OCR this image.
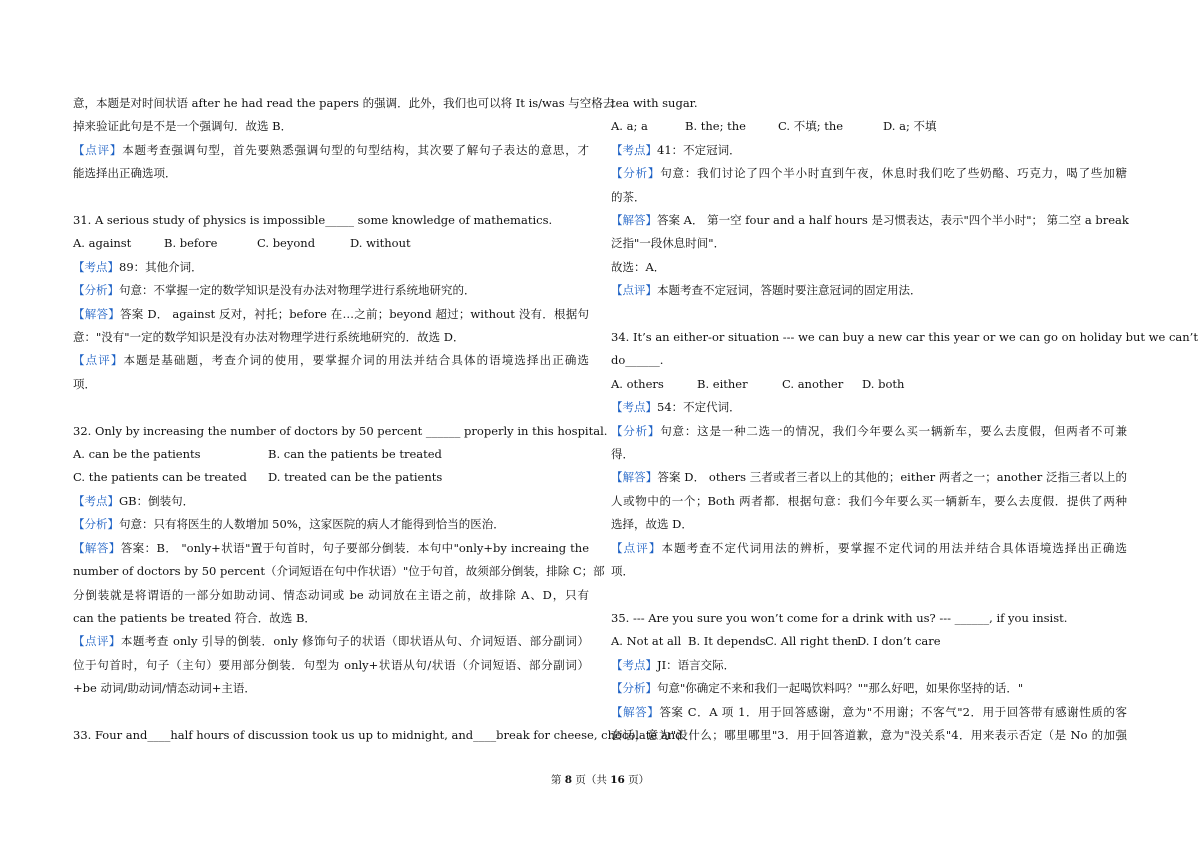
意，本题是对时间状语 after he had read the papers 的强调．此外，我们也可以将 It is/was 与空格去
掉来验证此句是不是一个强调句．故选 B．
【点评】本题考查强调句型，首先要熟悉强调句型的句型结构，其次要了解句子表达的意思，才
能选择出正确选项．
31. A serious study of physics is impossible_____ some knowledge of mathematics.
A. against	B. before	C. beyond	D. without
【考点】89：其他介词．
【分析】句意：不掌握一定的数学知识是没有办法对物理学进行系统地研究的．
【解答】答案 D． against 反对，衬托；before 在…之前；beyond 超过；without 没有．根据句
意："没有"一定的数学知识是没有办法对物理学进行系统地研究的．故选 D．
【点评】本题是基础题，考查介词的使用，要掌握介词的用法并结合具体的语境选择出正确选
项．
32. Only by increasing the number of doctors by 50 percent ______ properly in this hospital.
A. can be the patients	B. can the patients be treated
C. the patients can be treated	D. treated can be the patients
【考点】GB：倒装句．
【分析】句意：只有将医生的人数增加 50%，这家医院的病人才能得到恰当的医治．
【解答】答案：B． "only+状语"置于句首时，句子要部分倒装．本句中"only+by increaing the
number of doctors by 50 percent（介词短语在句中作状语）"位于句首，故须部分倒装，排除 C；部
分倒装就是将谓语的一部分如助动词、情态动词或 be 动词放在主语之前，故排除 A、D，只有
can the patients be treated 符合．故选 B．
【点评】本题考查 only 引导的倒装．only 修饰句子的状语（即状语从句、介词短语、部分副词）
位于句首时，句子（主句）要用部分倒装．句型为 only+状语从句/状语（介词短语、部分副词）
+be 动词/助动词/情态动词+主语．
33. Four and____half hours of discussion took us up to midnight, and____break for cheese, chocolate and
tea with sugar.
A. a; a	B. the; the	C. 不填; the	D. a; 不填
【考点】41：不定冠词．
【分析】句意：我们讨论了四个半小时直到午夜，休息时我们吃了些奶酪、巧克力，喝了些加糖
的茶．
【解答】答案 A． 第一空 four and a half hours 是习惯表达，表示"四个半小时"； 第二空 a break
泛指"一段休息时间"．
故选：A．
【点评】本题考查不定冠词，答题时要注意冠词的固定用法．
34. It’s an either-or situation --- we can buy a new car this year or we can go on holiday but we can’t
do______.
A. others	B. either	C. another	D. both
【考点】54：不定代词．
【分析】句意：这是一种二选一的情况，我们今年要么买一辆新车，要么去度假，但两者不可兼
得．
【解答】答案 D． others 三者或者三者以上的其他的；either 两者之一；another 泛指三者以上的
人或物中的一个；Both 两者都．根据句意：我们今年要么买一辆新车，要么去度假．提供了两种
选择，故选 D．
【点评】本题考查不定代词用法的辨析，要掌握不定代词的用法并结合具体语境选择出正确选
项．
35. --- Are you sure you won’t come for a drink with us? --- ______, if you insist.
A. Not at all B. It depends C. All right then
D. I don’t care
【考点】JI：语言交际．
【分析】句意"你确定不来和我们一起喝饮料吗？""那么好吧，如果你坚持的话．"
【解答】答案 C．A 项 1．用于回答感谢，意为"不用谢；不客气"2．用于回答带有感谢性质的客
套话，意为"没什么；哪里哪里"3．用于回答道歉，意为"没关系"4．用来表示否定（是 No 的加强
第 8 页（共 16 页）
